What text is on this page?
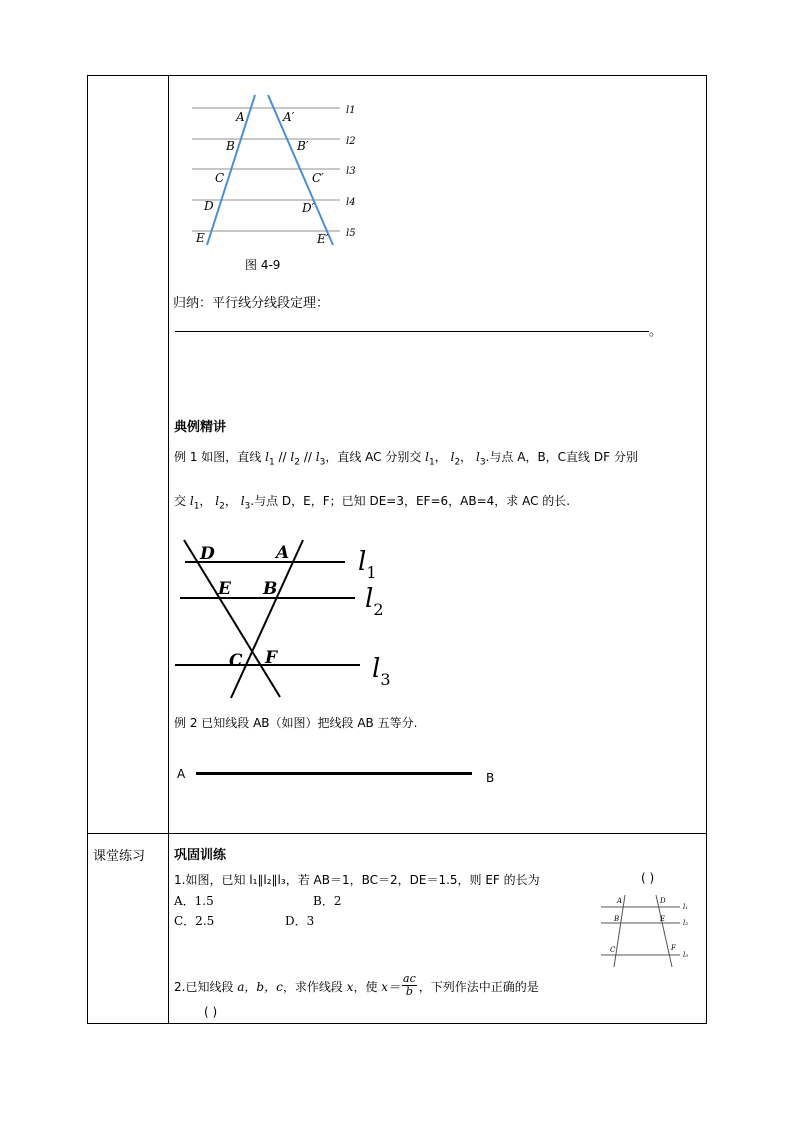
A
B
C
D
E
A′
B′
C′
D′
E′
l1
l2
l3
l4
l5
图 4-9
归纳：平行线分线段定理：
。
典例精讲
例 1 如图，直线 $l_1 // l_2 // l_3$，直线 AC 分别交 $l_1$， $l_2$， $l_3$.与点 A，B，C直线 DF 分别
交 $l_1$， $l_2$， $l_3$.与点 D，E，F；已知 DE=3，EF=6，AB=4，求 AC 的长.
D	A
E B
C F
$l_1$
$l_2$
$l_3$
例 2 已知线段 AB（如图）把线段 AB 五等分.
A	B
课堂练习 巩固训练
1.如图，已知 l₁∥l₂∥l₃，若 AB＝1，BC＝2，DE＝1.5，则 EF 的长为	( )
A．1.5	B．2
C．2.5	D．3
A
B
C
D
E
F
l₁
l₂
l₃
2.已知线段 a，b，c，求作线段 x，使 $x= \frac{ac}{b}$ ，下列作法中正确的是
( )
